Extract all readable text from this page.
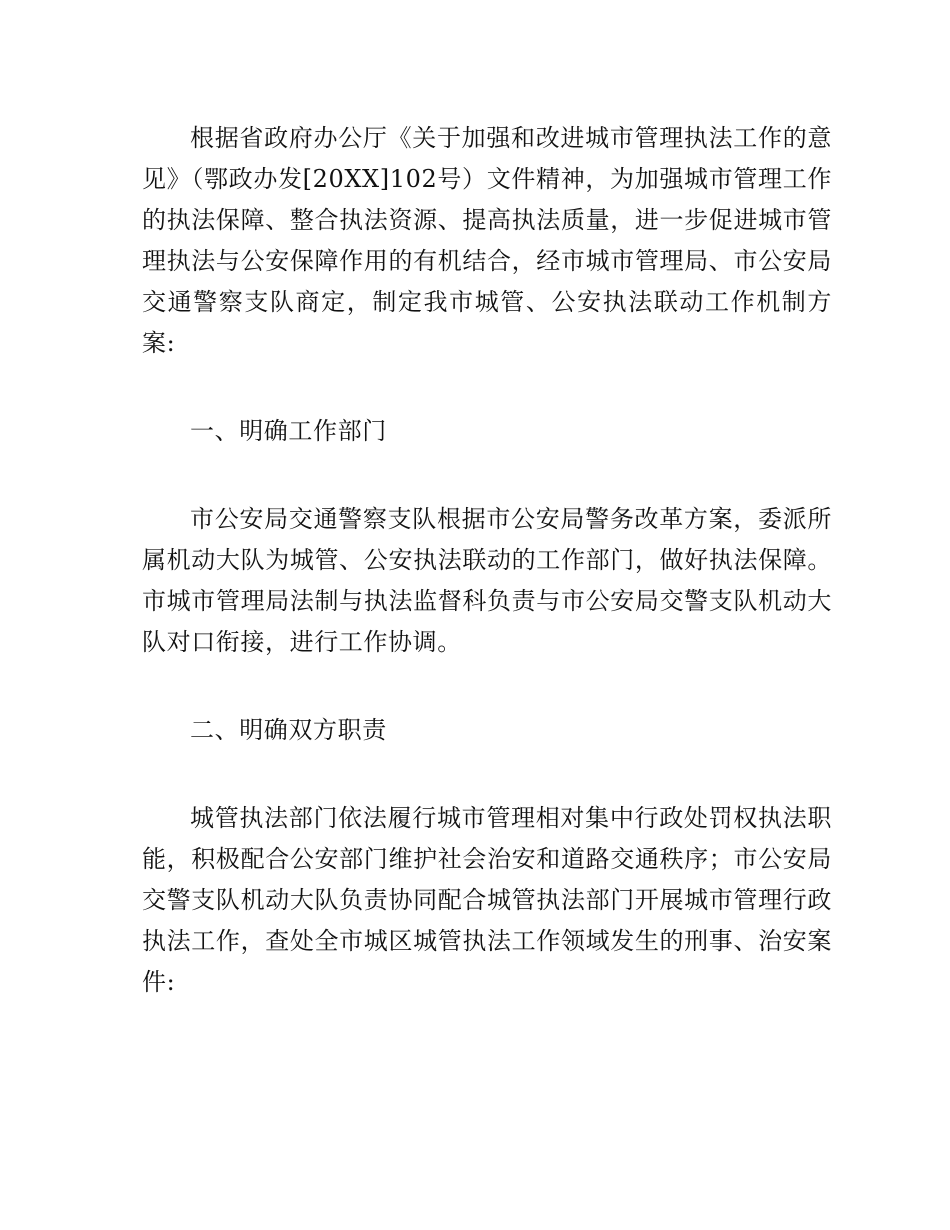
根据省政府办公厅《关于加强和改进城市管理执法工作的意见》（鄂政办发[20XX]102号）文件精神，为加强城市管理工作的执法保障、整合执法资源、提高执法质量，进一步促进城市管理执法与公安保障作用的有机结合，经市城市管理局、市公安局交通警察支队商定，制定我市城管、公安执法联动工作机制方案:

一、明确工作部门

市公安局交通警察支队根据市公安局警务改革方案，委派所属机动大队为城管、公安执法联动的工作部门，做好执法保障。市城市管理局法制与执法监督科负责与市公安局交警支队机动大队对口衔接，进行工作协调。

二、明确双方职责

城管执法部门依法履行城市管理相对集中行政处罚权执法职能，积极配合公安部门维护社会治安和道路交通秩序；市公安局交警支队机动大队负责协同配合城管执法部门开展城市管理行政执法工作，查处全市城区城管执法工作领域发生的刑事、治安案件:
